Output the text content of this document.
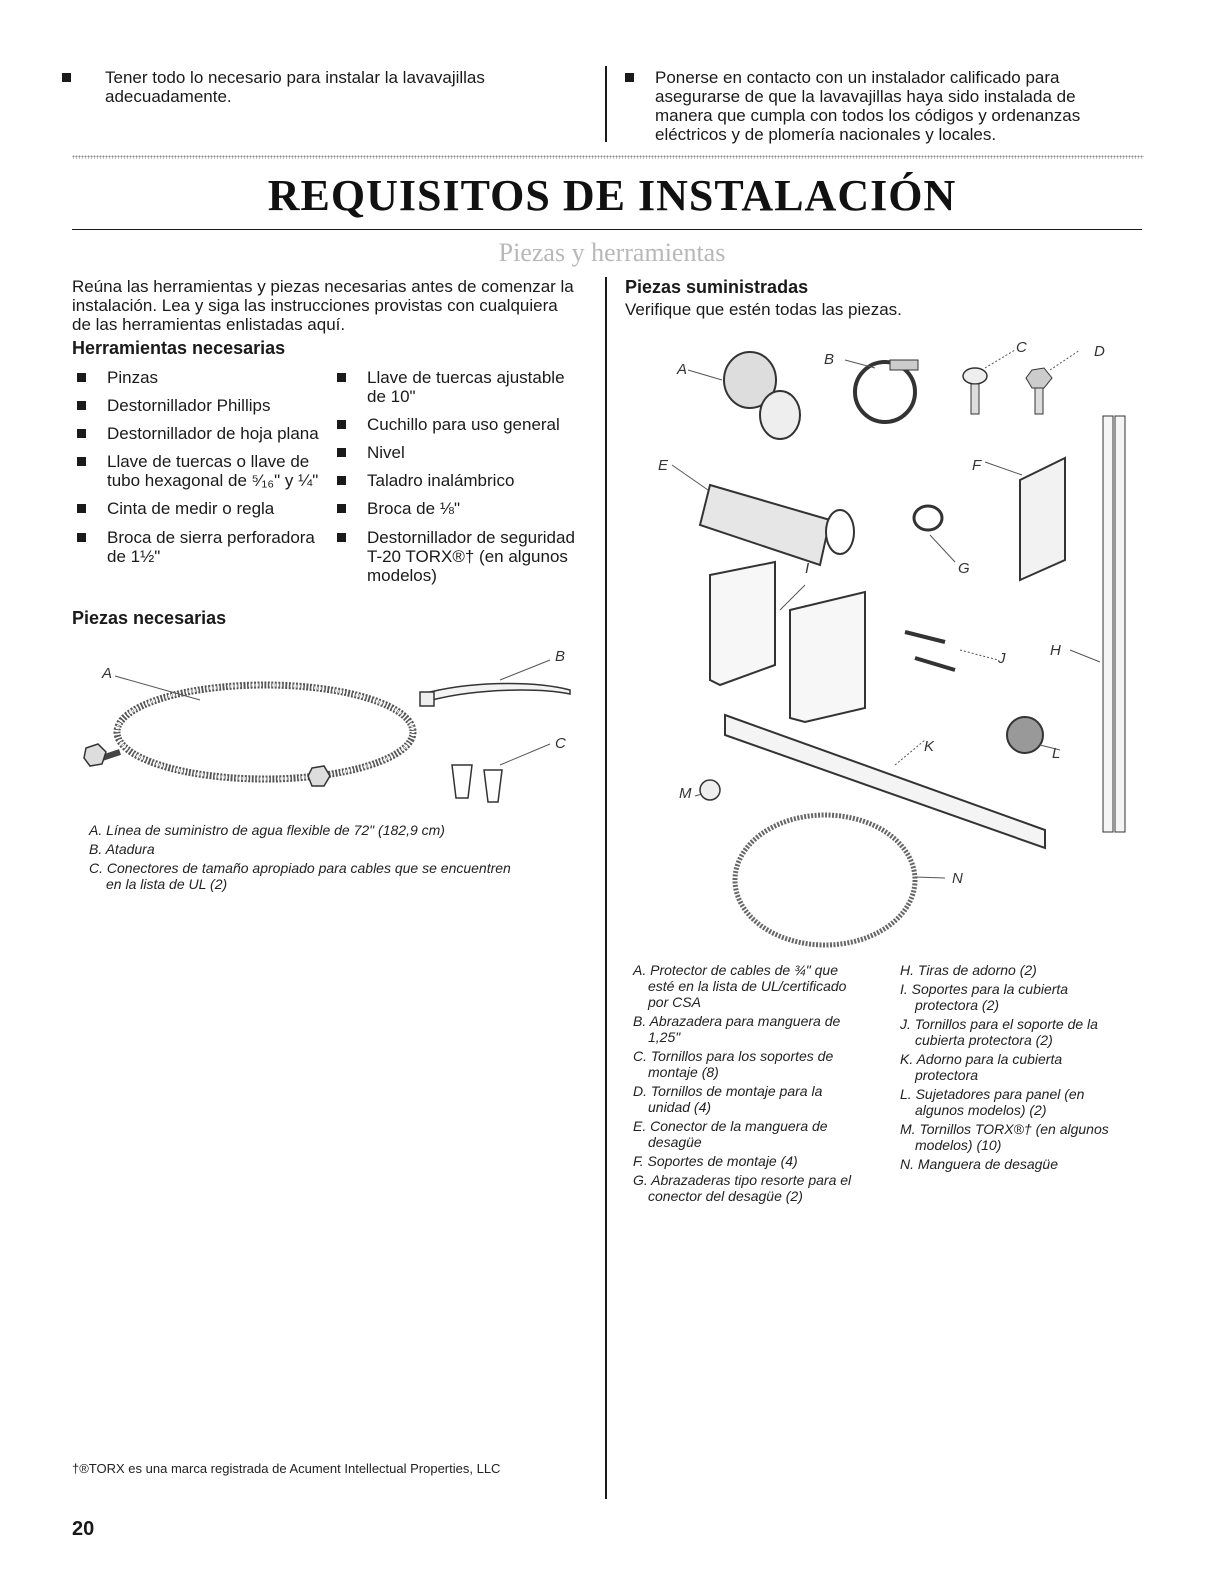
Tener todo lo necesario para instalar la lavavajillas
adecuadamente.
Ponerse en contacto con un instalador calificado para
asegurarse de que la lavavajillas haya sido instalada de
manera que cumpla con todos los códigos y ordenanzas
eléctricos y de plomería nacionales y locales.
REQUISITOS DE INSTALACIÓN
Piezas y herramientas
Reúna las herramientas y piezas necesarias antes de comenzar la
instalación. Lea y siga las instrucciones provistas con cualquiera
de las herramientas enlistadas aquí.
Herramientas necesarias
Pinzas
Destornillador Phillips
Destornillador de hoja plana
Llave de tuercas o llave de
tubo hexagonal de ⁵⁄₁₆" y ¼"
Cinta de medir o regla
Broca de sierra perforadora
de 1½"
Llave de tuercas ajustable
de 10"
Cuchillo para uso general
Nivel
Taladro inalámbrico
Broca de ⅛"
Destornillador de seguridad
T-20 TORX®† (en algunos
modelos)
Piezas necesarias
A
B
C
A. Línea de suministro de agua flexible de 72" (182,9 cm)
B. Atadura
C. Conectores de tamaño apropiado para cables que se encuentren
en la lista de UL (2)
†®TORX es una marca registrada de Acument Intellectual Properties, LLC
20
Piezas suministradas
Verifique que estén todas las piezas.
A
B
C	D
E	F
G
H
I
J
K	L
M
N
A. Protector de cables de ¾" que
esté en la lista de UL/certificado
por CSA
B. Abrazadera para manguera de
1,25"
C. Tornillos para los soportes de
montaje (8)
D. Tornillos de montaje para la
unidad (4)
E. Conector de la manguera de
desagüe
F. Soportes de montaje (4)
G. Abrazaderas tipo resorte para el
conector del desagüe (2)
H. Tiras de adorno (2)
I. Soportes para la cubierta
protectora (2)
J. Tornillos para el soporte de la
cubierta protectora (2)
K. Adorno para la cubierta
protectora
L. Sujetadores para panel (en
algunos modelos) (2)
M. Tornillos TORX®† (en algunos
modelos) (10)
N. Manguera de desagüe
